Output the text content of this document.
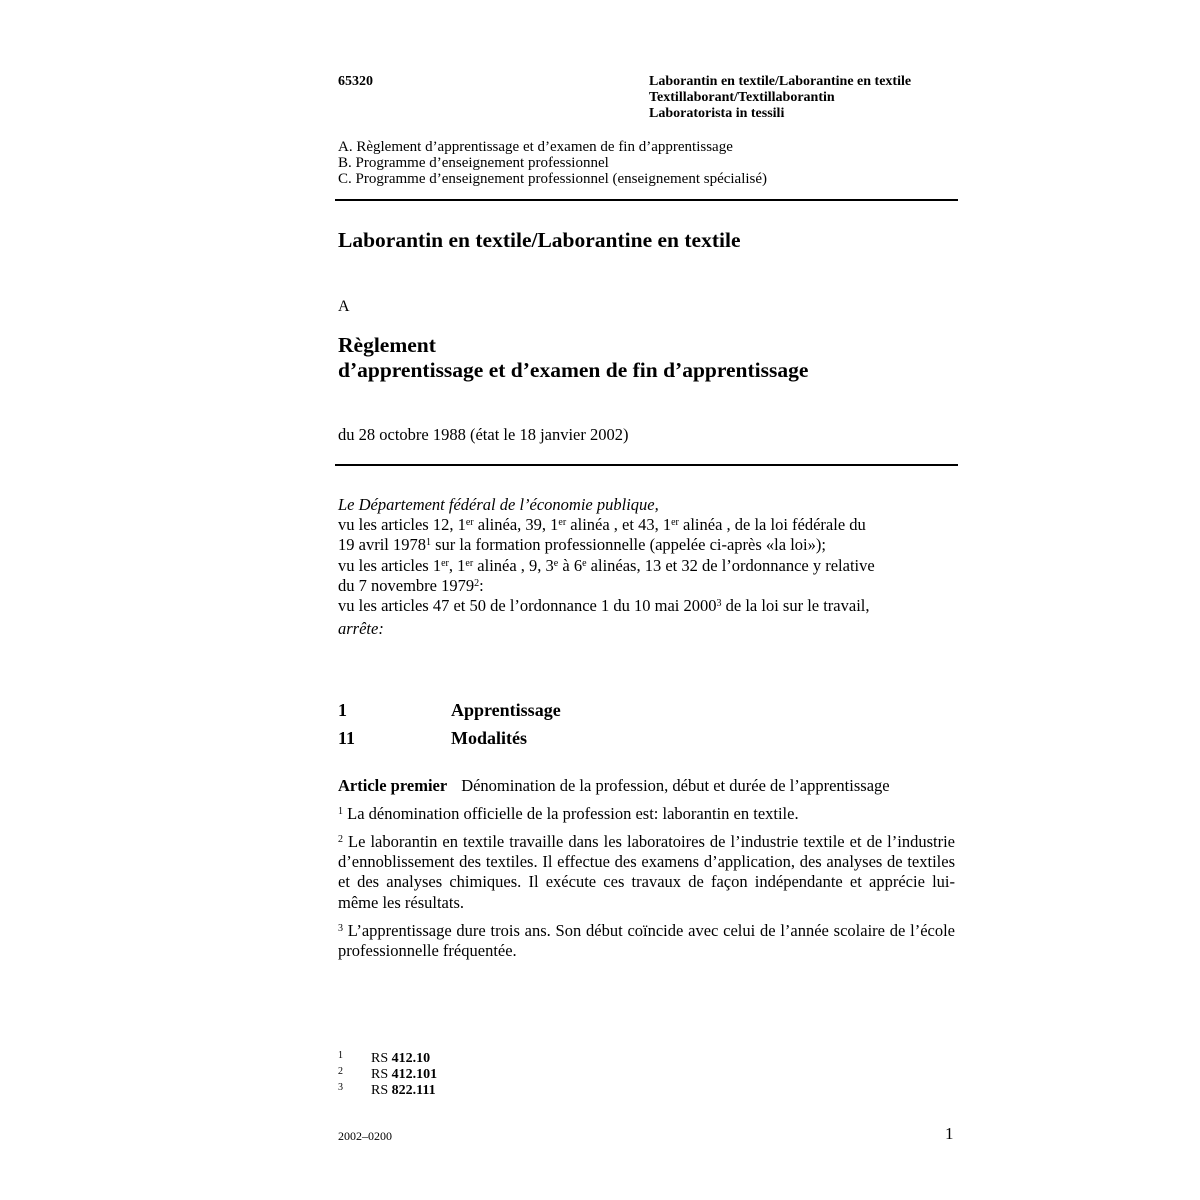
65320	Laborantin en textile/Laborantine en textile
Textillaborant/Textillaborantin
Laboratorista in tessili
A. Règlement d’apprentissage et d’examen de fin d’apprentissage
B. Programme d’enseignement professionnel
C. Programme d’enseignement professionnel (enseignement spécialisé)
Laborantin en textile/Laborantine en textile
A
Règlement
d’apprentissage et d’examen de fin d’apprentissage
du 28 octobre 1988 (état le 18 janvier 2002)
Le Département fédéral de l’économie publique,
vu les articles 12, 1er alinéa, 39, 1er alinéa , et 43, 1er alinéa , de la loi fédérale du
19 avril 1978$^1$ sur la formation professionnelle (appelée ci-après «la loi»);
vu les articles 1er, 1er alinéa , 9, 3e à 6e alinéas, 13 et 32 de l’ordonnance y relative
du 7 novembre 1979$^2$:
vu les articles 47 et 50 de l’ordonnance 1 du 10 mai 2000$^3$ de la loi sur le travail,
arrête:
1	Apprentissage
11	Modalités
Article premier Dénomination de la profession, début et durée de l’apprentissage
$^1$ La dénomination officielle de la profession est: laborantin en textile.
$^2$ Le laborantin en textile travaille dans les laboratoires de l’industrie textile et de l’industrie d’ennoblissement des textiles. Il effectue des examens d’application, des analyses de textiles et des analyses chimiques. Il exécute ces travaux de façon indépendante et apprécie lui-même les résultats.
$^3$ L’apprentissage dure trois ans. Son début coïncide avec celui de l’année scolaire de l’école professionnelle fréquentée.
1 RS 412.10
2 RS 412.101
3 RS 822.111
2002–0200	1
